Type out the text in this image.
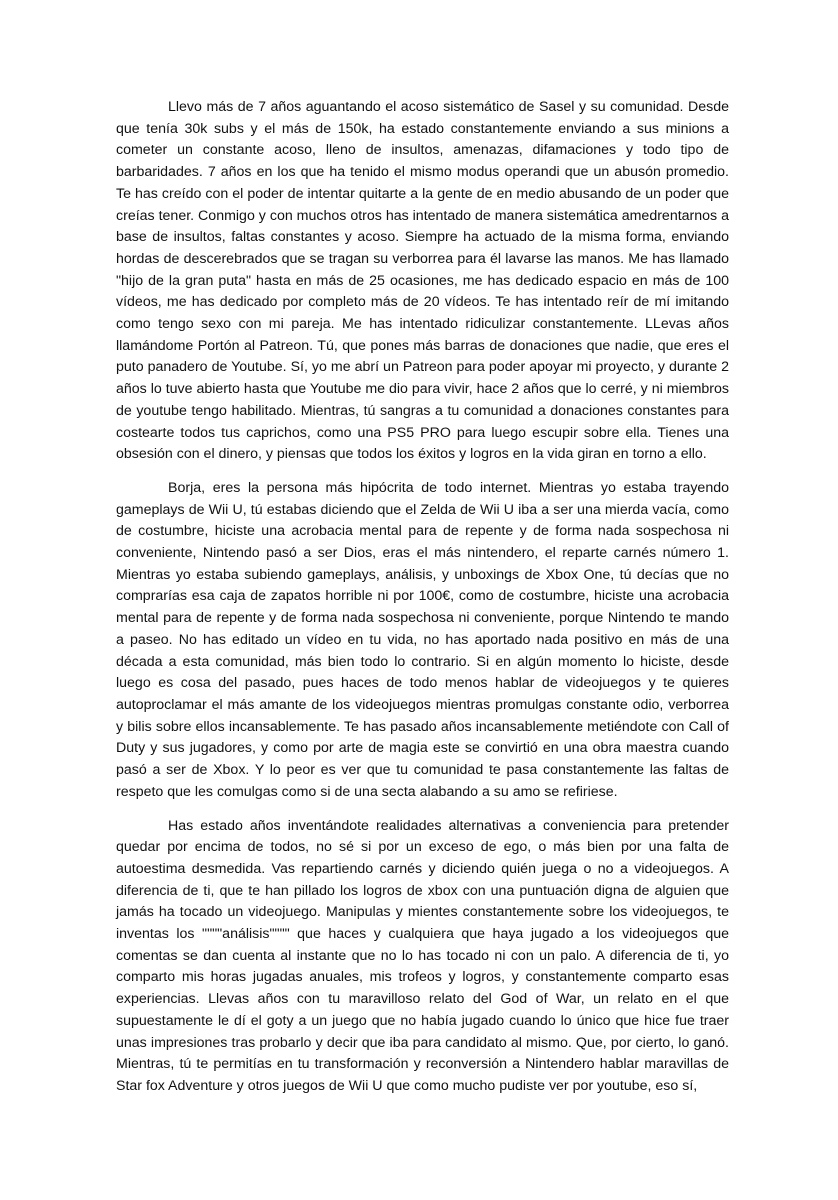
Llevo más de 7 años aguantando el acoso sistemático de Sasel y su comunidad. Desde que tenía 30k subs y el más de 150k, ha estado constantemente enviando a sus minions a cometer un constante acoso, lleno de insultos, amenazas, difamaciones y todo tipo de barbaridades. 7 años en los que ha tenido el mismo modus operandi que un abusón promedio. Te has creído con el poder de intentar quitarte a la gente de en medio abusando de un poder que creías tener. Conmigo y con muchos otros has intentado de manera sistemática amedrentarnos a base de insultos, faltas constantes y acoso. Siempre ha actuado de la misma forma, enviando hordas de descerebrados que se tragan su verborrea para él lavarse las manos. Me has llamado "hijo de la gran puta" hasta en más de 25 ocasiones, me has dedicado espacio en más de 100 vídeos, me has dedicado por completo más de 20 vídeos. Te has intentado reír de mí imitando como tengo sexo con mi pareja. Me has intentado ridiculizar constantemente. LLevas años llamándome Portón al Patreon. Tú, que pones más barras de donaciones que nadie, que eres el puto panadero de Youtube. Sí, yo me abrí un Patreon para poder apoyar mi proyecto, y durante 2 años lo tuve abierto hasta que Youtube me dio para vivir, hace 2 años que lo cerré, y ni miembros de youtube tengo habilitado. Mientras, tú sangras a tu comunidad a donaciones constantes para costearte todos tus caprichos, como una PS5 PRO para luego escupir sobre ella. Tienes una obsesión con el dinero, y piensas que todos los éxitos y logros en la vida giran en torno a ello.

Borja, eres la persona más hipócrita de todo internet. Mientras yo estaba trayendo gameplays de Wii U, tú estabas diciendo que el Zelda de Wii U iba a ser una mierda vacía, como de costumbre, hiciste una acrobacia mental para de repente y de forma nada sospechosa ni conveniente, Nintendo pasó a ser Dios, eras el más nintendero, el reparte carnés número 1. Mientras yo estaba subiendo gameplays, análisis, y unboxings de Xbox One, tú decías que no comprarías esa caja de zapatos horrible ni por 100€, como de costumbre, hiciste una acrobacia mental para de repente y de forma nada sospechosa ni conveniente, porque Nintendo te mando a paseo. No has editado un vídeo en tu vida, no has aportado nada positivo en más de una década a esta comunidad, más bien todo lo contrario. Si en algún momento lo hiciste, desde luego es cosa del pasado, pues haces de todo menos hablar de videojuegos y te quieres autoproclamar el más amante de los videojuegos mientras promulgas constante odio, verborrea y bilis sobre ellos incansablemente. Te has pasado años incansablemente metiéndote con Call of Duty y sus jugadores, y como por arte de magia este se convirtió en una obra maestra cuando pasó a ser de Xbox. Y lo peor es ver que tu comunidad te pasa constantemente las faltas de respeto que les comulgas como si de una secta alabando a su amo se refiriese.

Has estado años inventándote realidades alternativas a conveniencia para pretender quedar por encima de todos, no sé si por un exceso de ego, o más bien por una falta de autoestima desmedida. Vas repartiendo carnés y diciendo quién juega o no a videojuegos. A diferencia de ti, que te han pillado los logros de xbox con una puntuación digna de alguien que jamás ha tocado un videojuego. Manipulas y mientes constantemente sobre los videojuegos, te inventas los """"análisis"""" que haces y cualquiera que haya jugado a los videojuegos que comentas se dan cuenta al instante que no lo has tocado ni con un palo. A diferencia de ti, yo comparto mis horas jugadas anuales, mis trofeos y logros, y constantemente comparto esas experiencias. Llevas años con tu maravilloso relato del God of War, un relato en el que supuestamente le dí el goty a un juego que no había jugado cuando lo único que hice fue traer unas impresiones tras probarlo y decir que iba para candidato al mismo. Que, por cierto, lo ganó. Mientras, tú te permitías en tu transformación y reconversión a Nintendero hablar maravillas de Star fox Adventure y otros juegos de Wii U que como mucho pudiste ver por youtube, eso sí,
